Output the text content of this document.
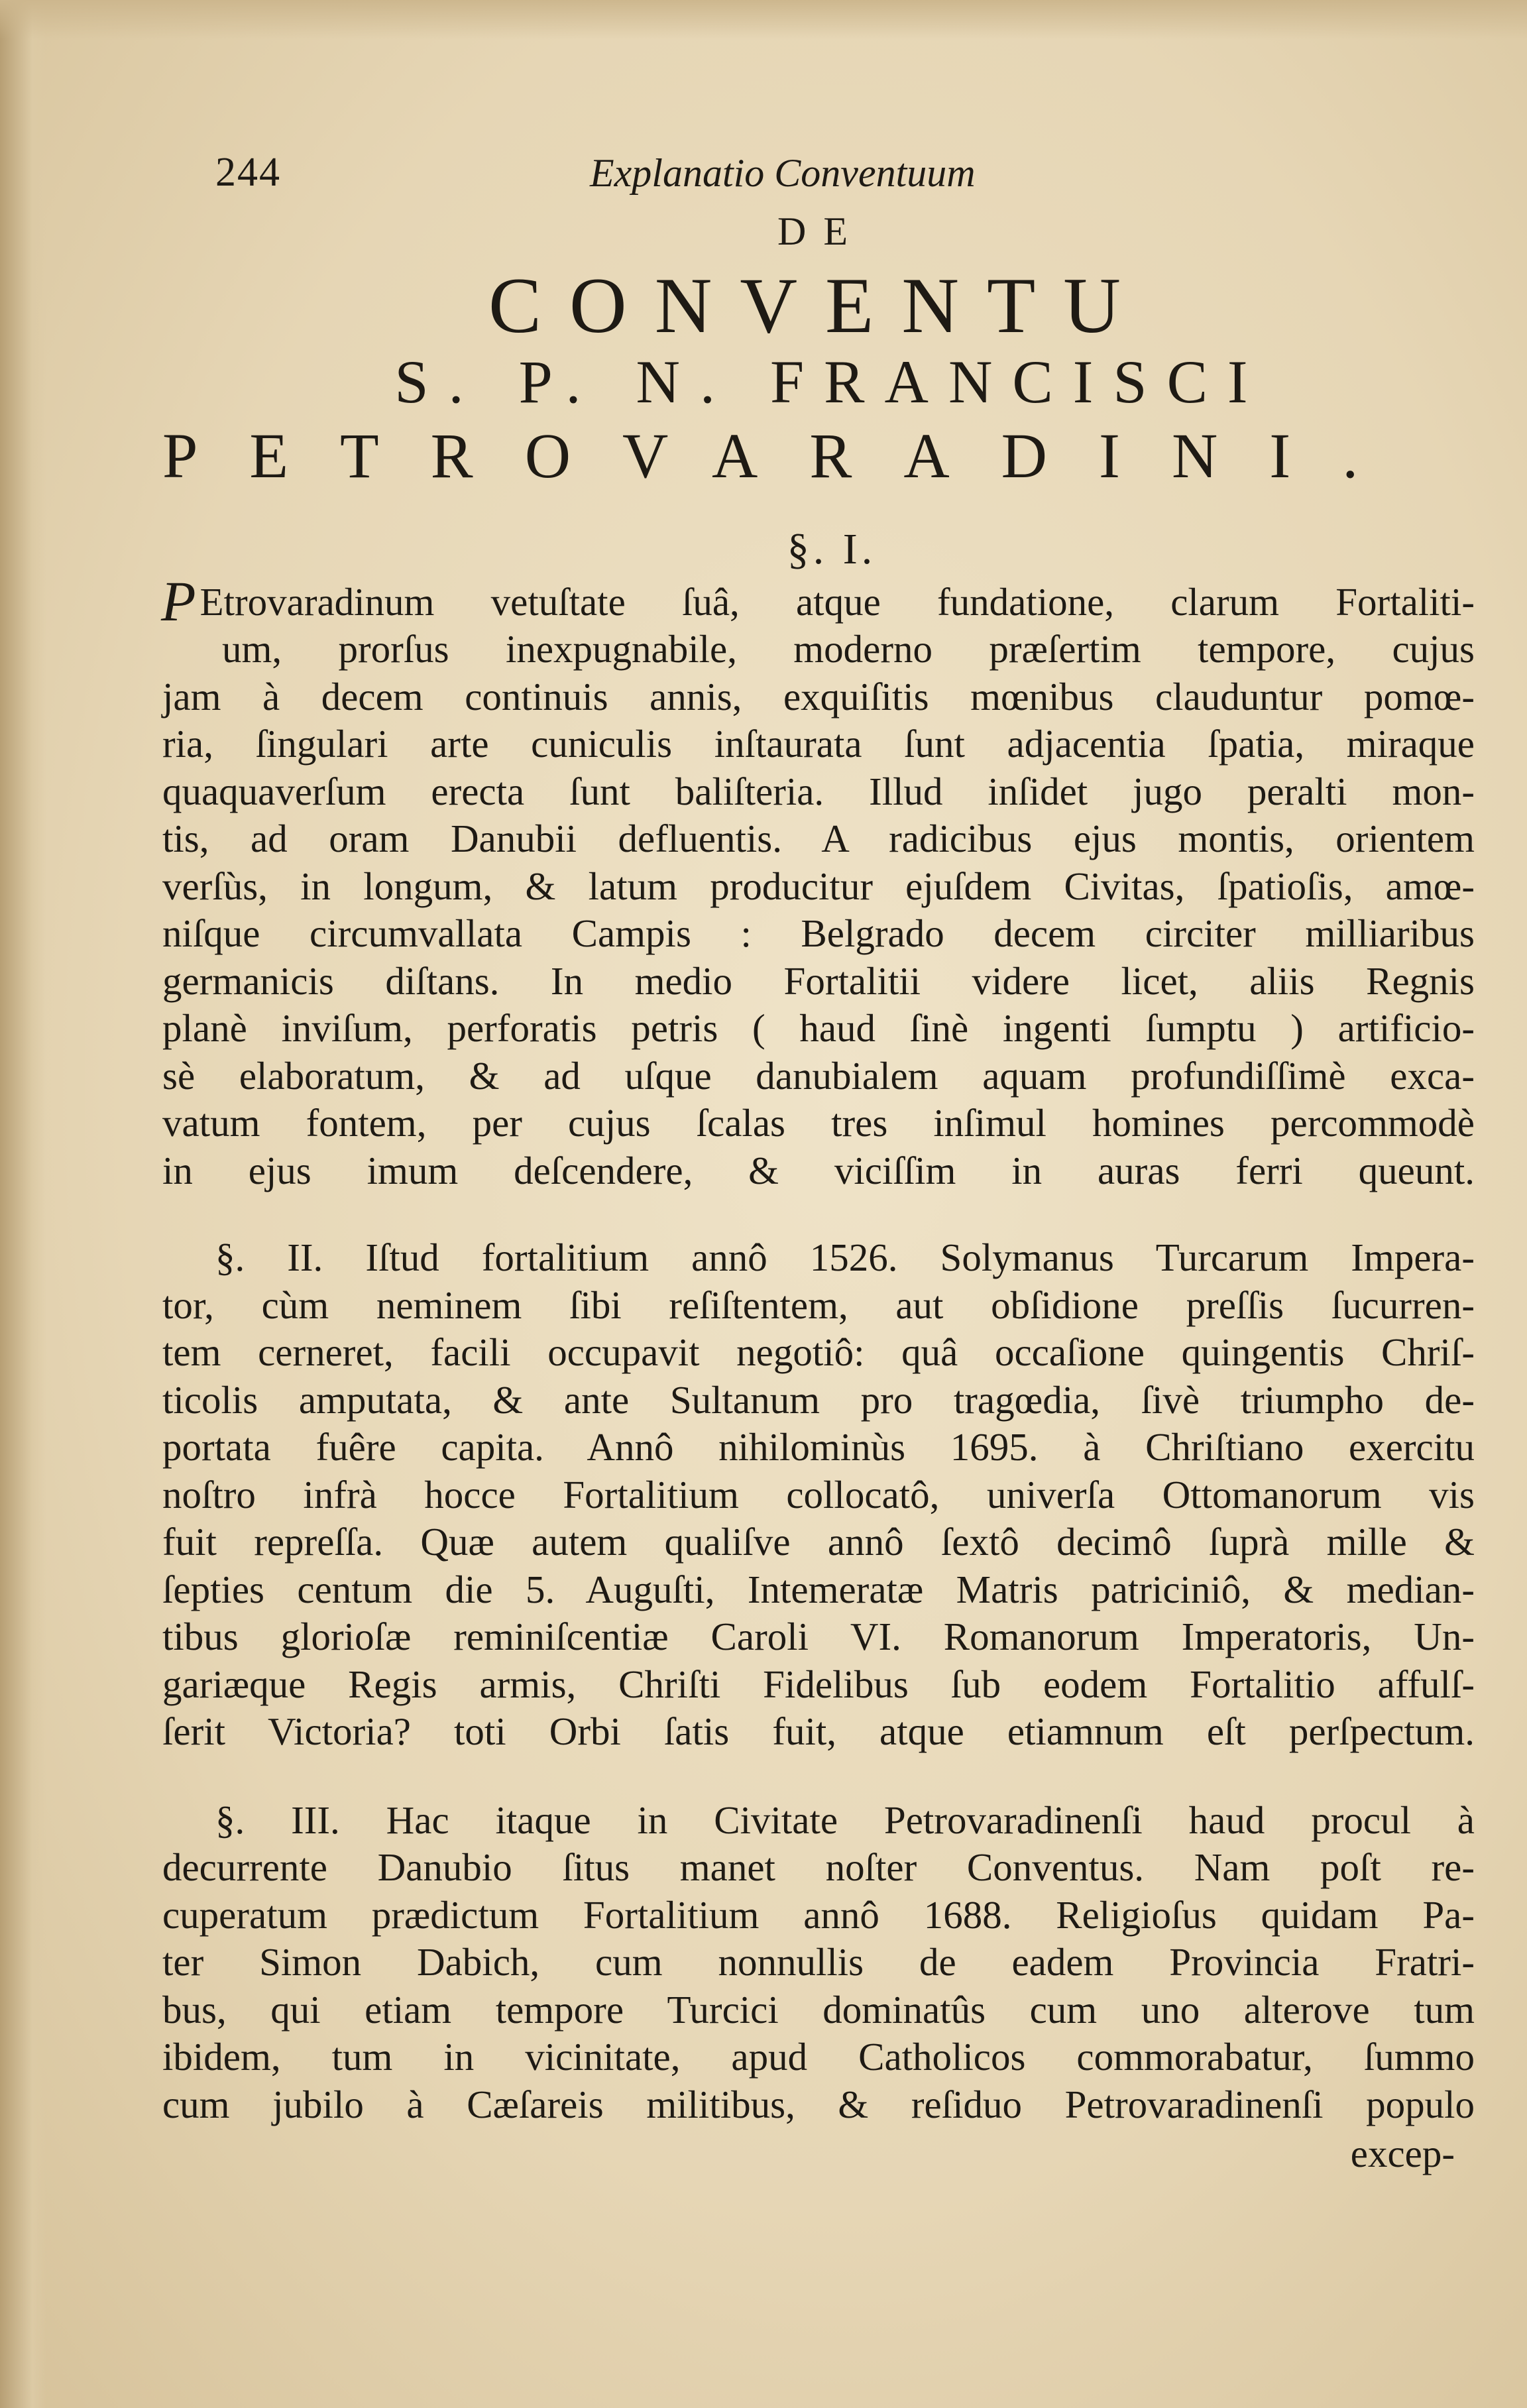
244	Explanatio Conventuum
DE
CONVENTU
S. P. N. FRANCISCI
PETROVARADINI.
§. I.
P Etrovaradinum vetuſtate ſuâ, atque fundatione, clarum Fortaliti-
um, prorſus inexpugnabile, moderno præſertim tempore, cujus
jam à decem continuis annis, exquiſitis mœnibus clauduntur pomœ-
ria, ſingulari arte cuniculis inſtaurata ſunt adjacentia ſpatia, miraque
quaquaverſum erecta ſunt baliſteria. Illud inſidet jugo peralti mon-
tis, ad oram Danubii defluentis. A radicibus ejus montis, orientem
verſùs, in longum, & latum producitur ejuſdem Civitas, ſpatioſis, amœ-
niſque circumvallata Campis : Belgrado decem circiter milliaribus
germanicis diſtans. In medio Fortalitii videre licet, aliis Regnis
planè inviſum, perforatis petris ( haud ſinè ingenti ſumptu ) artificio-
sè elaboratum, & ad uſque danubialem aquam profundiſſimè exca-
vatum fontem, per cujus ſcalas tres inſimul homines percommodè
in ejus imum deſcendere, & viciſſim in auras ferri queunt.
§. II. Iſtud fortalitium annô 1526. Solymanus Turcarum Impera-
tor, cùm neminem ſibi reſiſtentem, aut obſidione preſſis ſucurren-
tem cerneret, facili occupavit negotiô: quâ occaſione quingentis Chriſ-
ticolis amputata, & ante Sultanum pro tragœdia, ſivè triumpho de-
portata fuêre capita. Annô nihilominùs 1695. à Chriſtiano exercitu
noſtro infrà hocce Fortalitium collocatô, univerſa Ottomanorum vis
fuit repreſſa. Quæ autem qualiſve annô ſextô decimô ſuprà mille &
ſepties centum die 5. Auguſti, Intemeratæ Matris patriciniô, & median-
tibus glorioſæ reminiſcentiæ Caroli VI. Romanorum Imperatoris, Un-
gariæque Regis armis, Chriſti Fidelibus ſub eodem Fortalitio affulſ-
ſerit Victoria? toti Orbi ſatis fuit, atque etiamnum eſt perſpectum.
§. III. Hac itaque in Civitate Petrovaradinenſi haud procul à
decurrente Danubio ſitus manet noſter Conventus. Nam poſt re-
cuperatum prædictum Fortalitium annô 1688. Religioſus quidam Pa-
ter Simon Dabich, cum nonnullis de eadem Provincia Fratri-
bus, qui etiam tempore Turcici dominatûs cum uno alterove tum
ibidem, tum in vicinitate, apud Catholicos commorabatur, ſummo
cum jubilo à Cæſareis militibus, & reſiduo Petrovaradinenſi populo
excep-
